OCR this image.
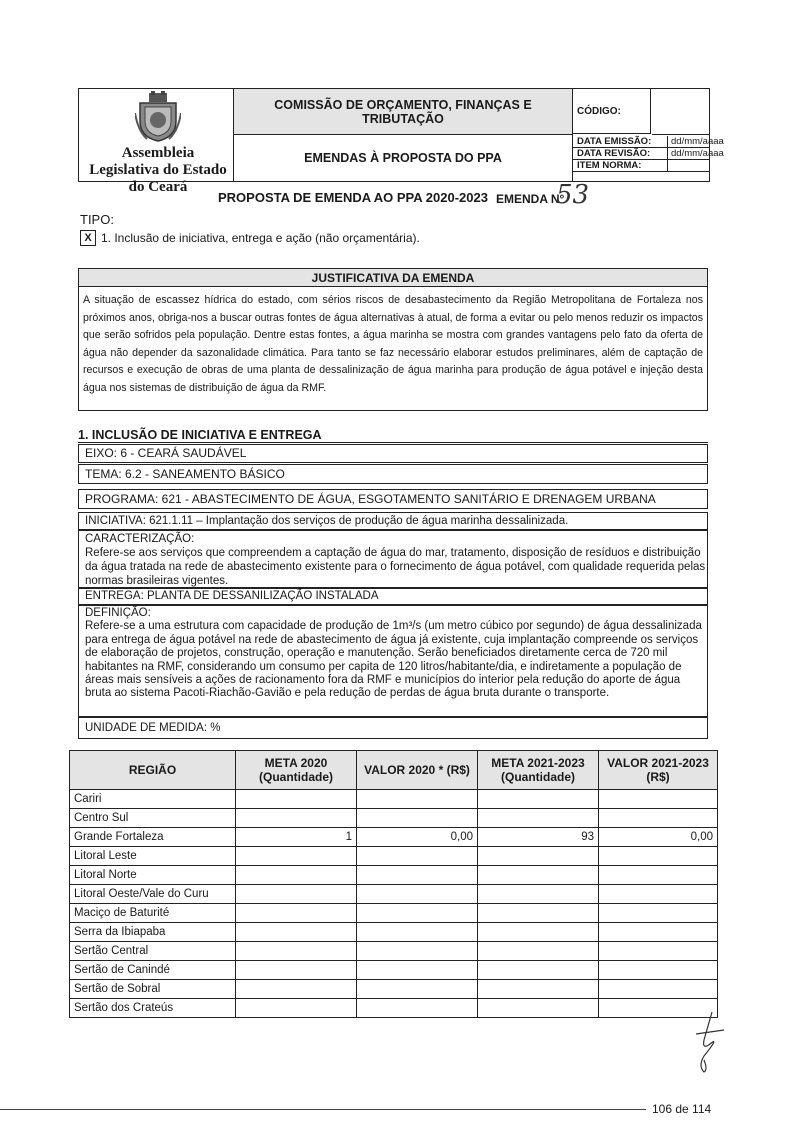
Assembleia Legislativa do Estado do Ceará
COMISSÃO DE ORÇAMENTO, FINANÇAS E TRIBUTAÇÃO
EMENDAS À PROPOSTA DO PPA
CÓDIGO:
DATA EMISSÃO: dd/mm/aaaa
DATA REVISÃO: dd/mm/aaaa
ITEM NORMA:
PROPOSTA DE EMENDA AO PPA 2020-2023 EMENDA N°
53
TIPO:
X 1. Inclusão de iniciativa, entrega e ação (não orçamentária).
JUSTIFICATIVA DA EMENDA
A situação de escassez hídrica do estado, com sérios riscos de desabastecimento da Região Metropolitana de Fortaleza nos próximos anos, obriga-nos a buscar outras fontes de água alternativas à atual, de forma a evitar ou pelo menos reduzir os impactos que serão sofridos pela população. Dentre estas fontes, a água marinha se mostra com grandes vantagens pelo fato da oferta de água não depender da sazonalidade climática. Para tanto se faz necessário elaborar estudos preliminares, além de captação de recursos e execução de obras de uma planta de dessalinização de água marinha para produção de água potável e injeção desta água nos sistemas de distribuição de água da RMF.
1. INCLUSÃO DE INICIATIVA E ENTREGA
EIXO: 6 - CEARÁ SAUDÁVEL
TEMA: 6.2 - SANEAMENTO BÁSICO
PROGRAMA: 621 - ABASTECIMENTO DE ÁGUA, ESGOTAMENTO SANITÁRIO E DRENAGEM URBANA
INICIATIVA: 621.1.11 – Implantação dos serviços de produção de água marinha dessalinizada.
CARACTERIZAÇÃO:
Refere-se aos serviços que compreendem a captação de água do mar, tratamento, disposição de resíduos e distribuição da água tratada na rede de abastecimento existente para o fornecimento de água potável, com qualidade requerida pelas normas brasileiras vigentes.
ENTREGA: PLANTA DE DESSANILIZAÇÃO INSTALADA
DEFINIÇÃO:
Refere-se a uma estrutura com capacidade de produção de 1m³/s (um metro cúbico por segundo) de água dessalinizada para entrega de água potável na rede de abastecimento de água já existente, cuja implantação compreende os serviços de elaboração de projetos, construção, operação e manutenção. Serão beneficiados diretamente cerca de 720 mil habitantes na RMF, considerando um consumo per capita de 120 litros/habitante/dia, e indiretamente a população de áreas mais sensíveis a ações de racionamento fora da RMF e municípios do interior pela redução do aporte de água bruta ao sistema Pacoti-Riachão-Gavião e pela redução de perdas de água bruta durante o transporte.
UNIDADE DE MEDIDA: %
REGIÃO	META 2020 (Quantidade)	VALOR 2020 * (R$)	META 2021-2023 (Quantidade)	VALOR 2021-2023 (R$)
Cariri				
Centro Sul				
Grande Fortaleza	1	0,00	93	0,00
Litoral Leste				
Litoral Norte				
Litoral Oeste/Vale do Curu				
Maciço de Baturité				
Serra da Ibiapaba				
Sertão Central				
Sertão de Canindé				
Sertão de Sobral				
Sertão dos Crateús				
106 de 114
